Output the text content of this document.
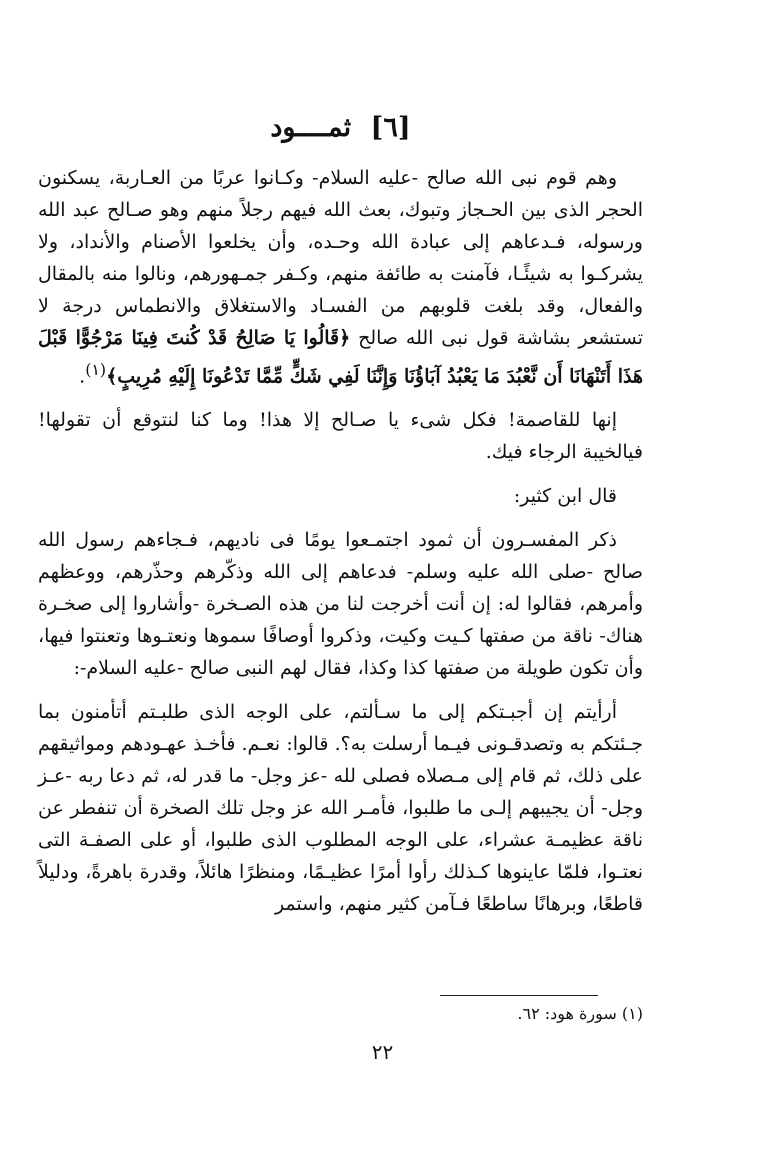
[٦] ثمــــود

وهم قوم نبى الله صالح -عليه السلام- وكـانوا عربًا من العـاربة، يسكنون الحجر الذى بين الحـجاز وتبوك، بعث الله فيهم رجلاً منهم وهو صـالح عبد الله ورسوله، فـدعاهم إلى عبادة الله وحـده، وأن يخلعوا الأصنام والأنداد، ولا يشركـوا به شيئًـا، فآمنت به طائفة منهم، وكـفر جمـهورهم، ونالوا منه بالمقال والفعال، وقد بلغت قلوبهم من الفسـاد والاستغلاق والانطماس درجة لا تستشعر بشاشة قول نبى الله صالح ﴿قَالُوا يَا صَالِحُ قَدْ كُنتَ فِينَا مَرْجُوًّا قَبْلَ هَذَا أَتَنْهَانَا أَن نَّعْبُدَ مَا يَعْبُدُ آبَاؤُنَا وَإِنَّنَا لَفِي شَكٍّ مِّمَّا تَدْعُونَا إِلَيْهِ مُرِيبٍ﴾$^{(١)}$.

إنها للقاصمة! فكل شىء يا صـالح إلا هذا! وما كنا لنتوقع أن تقولها! فيالخيبة الرجاء فيك.

قال ابن كثير:

ذكر المفسـرون أن ثمود اجتمـعوا يومًا فى ناديهم، فـجاءهم رسول الله صالح -صلى الله عليه وسلم- فدعاهم إلى الله وذكّرهم وحذّرهم، ووعظهم وأمرهم، فقالوا له: إن أنت أخرجت لنا من هذه الصـخرة -وأشاروا إلى صخـرة هناك- ناقة من صفتها كـيت وكيت، وذكروا أوصافًا سموها ونعتـوها وتعنتوا فيها، وأن تكون طويلة من صفتها كذا وكذا، فقال لهم النبى صالح -عليه السلام-:

أرأيتم إن أجبـتكم إلى ما سـألتم، على الوجه الذى طلبـتم أتأمنون بما جـئتكم به وتصدقـونى فيـما أرسلت به؟. قالوا: نعـم. فأخـذ عهـودهم ومواثيقهم على ذلك، ثم قام إلى مـصلاه فصلى لله -عز وجل- ما قدر له، ثم دعا ربه -عـز وجل- أن يجيبهم إلـى ما طلبوا، فأمـر الله عز وجل تلك الصخرة أن تنفطر عن ناقة عظيمـة عشراء، على الوجه المطلوب الذى طلبوا، أو على الصفـة التى نعتـوا، فلمّا عاينوها كـذلك رأوا أمرًا عظيـمًا، ومنظرًا هائلاً، وقدرة باهرةً، ودليلاً قاطعًا، وبرهانًا ساطعًا فـآمن كثير منهم، واستمر

(١) سورة هود: ٦٢.
٢٢
